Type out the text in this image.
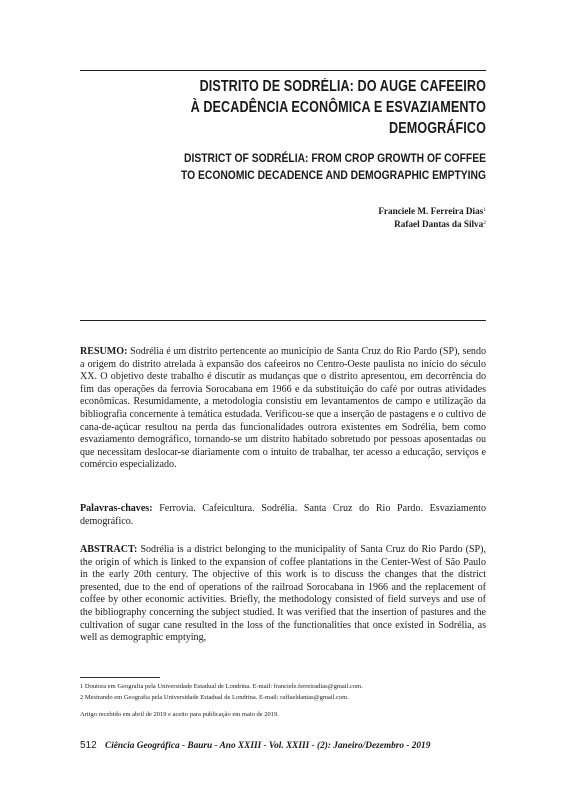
DISTRITO DE SODRÉLIA: DO AUGE CAFEEIRO
À DECADÊNCIA ECONÔMICA E ESVAZIAMENTO DEMOGRÁFICO
DISTRICT OF SODRÉLIA: FROM CROP GROWTH OF COFFEE
TO ECONOMIC DECADENCE AND DEMOGRAPHIC EMPTYING
Franciele M. Ferreira Dias$^1$
Rafael Dantas da Silva$^2$
RESUMO: Sodrélia é um distrito pertencente ao município de Santa Cruz do Rio Pardo (SP), sendo a origem do distrito atrelada à expansão dos cafeeiros no Centro-Oeste paulista no início do século XX. O objetivo deste trabalho é discutir as mudanças que o distrito apresentou, em decorrência do fim das operações da ferrovia Sorocabana em 1966 e da substituição do café por outras atividades econômicas. Resumidamente, a metodologia consistiu em levantamentos de campo e utilização da bibliografia concernente à temática estudada. Verificou-se que a inserção de pastagens e o cultivo de cana-de-açúcar resultou na perda das funcionalidades outrora existentes em Sodrélia, bem como esvaziamento demográfico, tornando-se um distrito habitado sobretudo por pessoas aposentadas ou que necessitam deslocar-se diariamente com o intuito de trabalhar, ter acesso a educação, serviços e comércio especializado.
Palavras-chaves: Ferrovia. Cafeicultura. Sodrélia. Santa Cruz do Rio Pardo. Esvaziamento demográfico.
ABSTRACT: Sodrélia is a district belonging to the municipality of Santa Cruz do Rio Pardo (SP), the origin of which is linked to the expansion of coffee plantations in the Center-West of São Paulo in the early 20th century. The objective of this work is to discuss the changes that the district presented, due to the end of operations of the railroad Sorocabana in 1966 and the replacement of coffee by other economic activities. Briefly, the methodology consisted of field surveys and use of the bibliography concerning the subject studied. It was verified that the insertion of pastures and the cultivation of sugar cane resulted in the loss of the functionalities that once existed in Sodrélia, as well as demographic emptying,
1 Doutora em Geografia pela Universidade Estadual de Londrina. E-mail: franciele.ferreiradias@gmail.com.
2 Mestrando em Geografia pela Universidade Estadual de Londrina. E-mail: raffaeldantas@gmail.com.
Artigo recebido em abril de 2019 e aceito para publicação em maio de 2019.
512 Ciência Geográfica - Bauru - Ano XXIII - Vol. XXIII - (2): Janeiro/Dezembro - 2019
